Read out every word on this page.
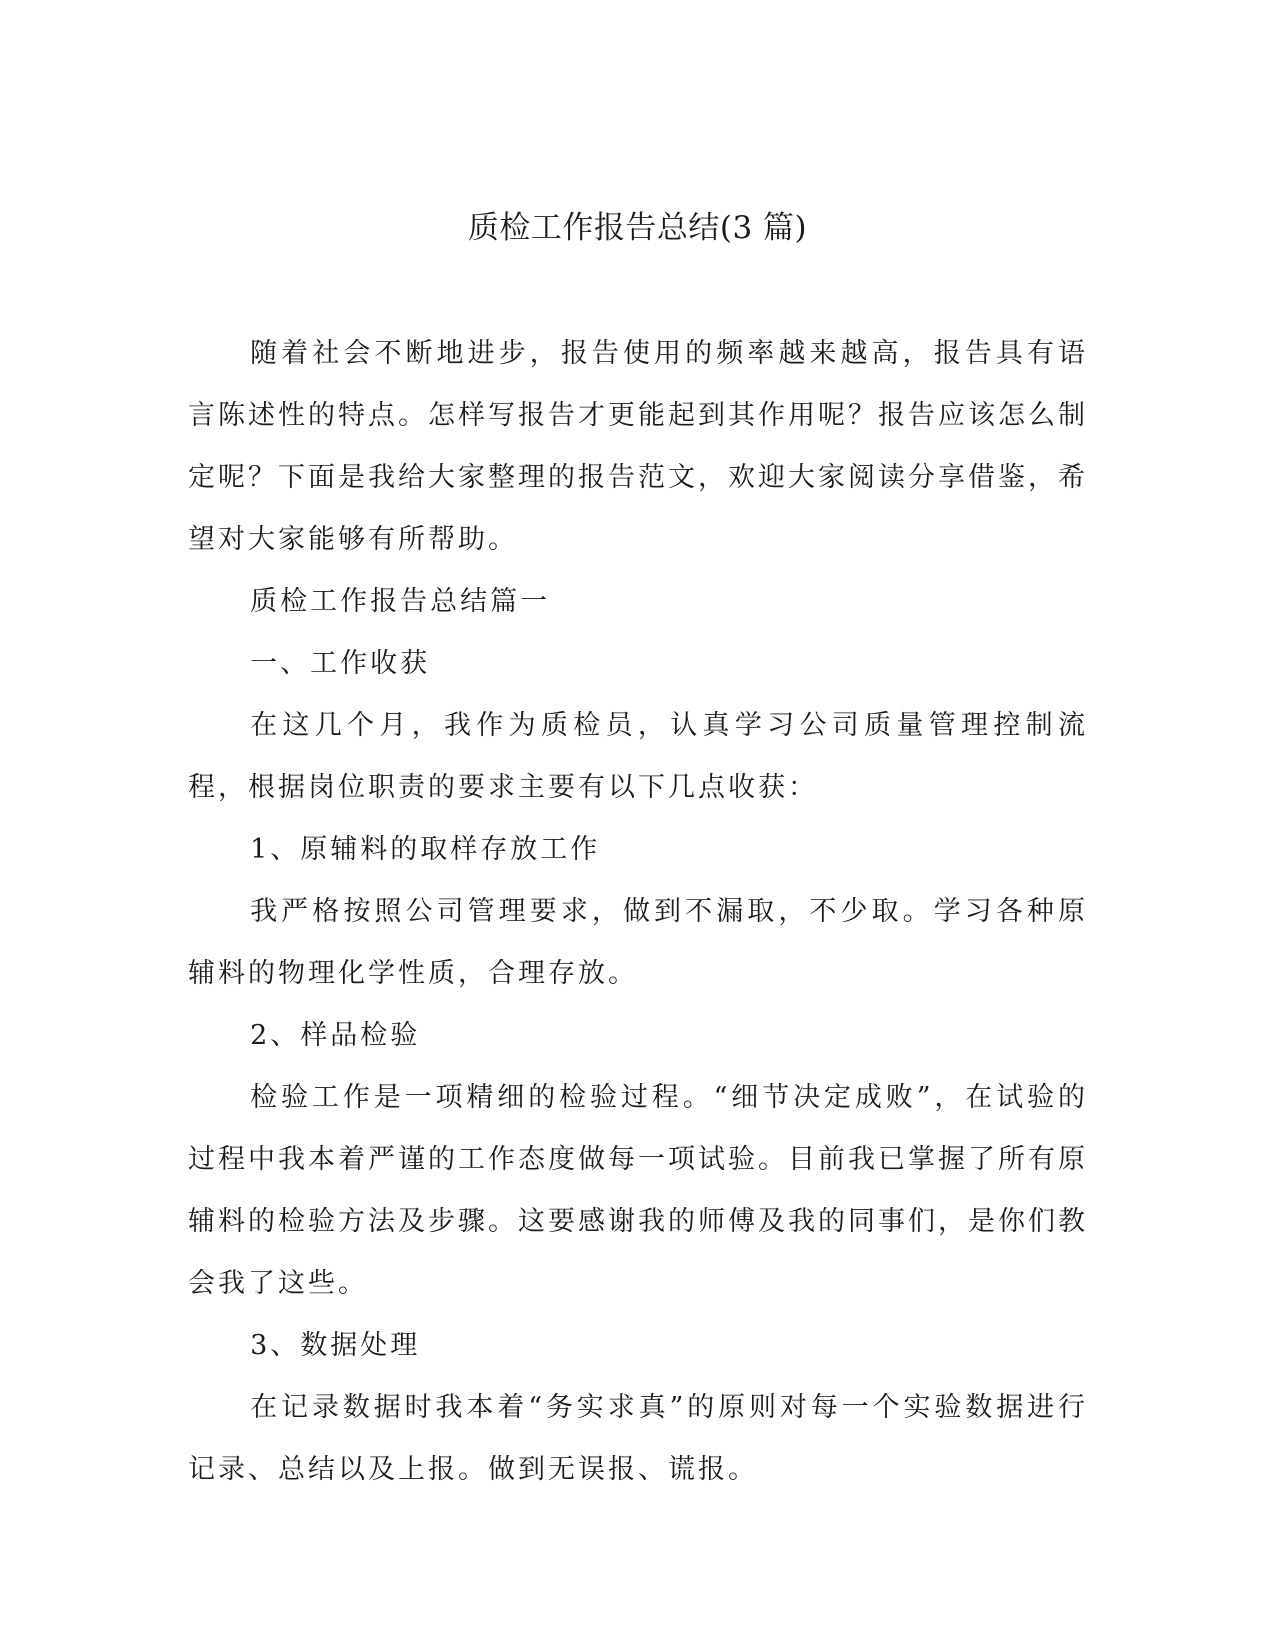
质检工作报告总结(3 篇)

随着社会不断地进步，报告使用的频率越来越高，报告具有语言陈述性的特点。怎样写报告才更能起到其作用呢？报告应该怎么制定呢？下面是我给大家整理的报告范文，欢迎大家阅读分享借鉴，希望对大家能够有所帮助。

质检工作报告总结篇一

一、工作收获

在这几个月，我作为质检员，认真学习公司质量管理控制流程，根据岗位职责的要求主要有以下几点收获：

1、原辅料的取样存放工作

我严格按照公司管理要求，做到不漏取，不少取。学习各种原辅料的物理化学性质，合理存放。

2、样品检验

检验工作是一项精细的检验过程。“细节决定成败”，在试验的过程中我本着严谨的工作态度做每一项试验。目前我已掌握了所有原辅料的检验方法及步骤。这要感谢我的师傅及我的同事们，是你们教会我了这些。

3、数据处理

在记录数据时我本着“务实求真”的原则对每一个实验数据进行记录、总结以及上报。做到无误报、谎报。
